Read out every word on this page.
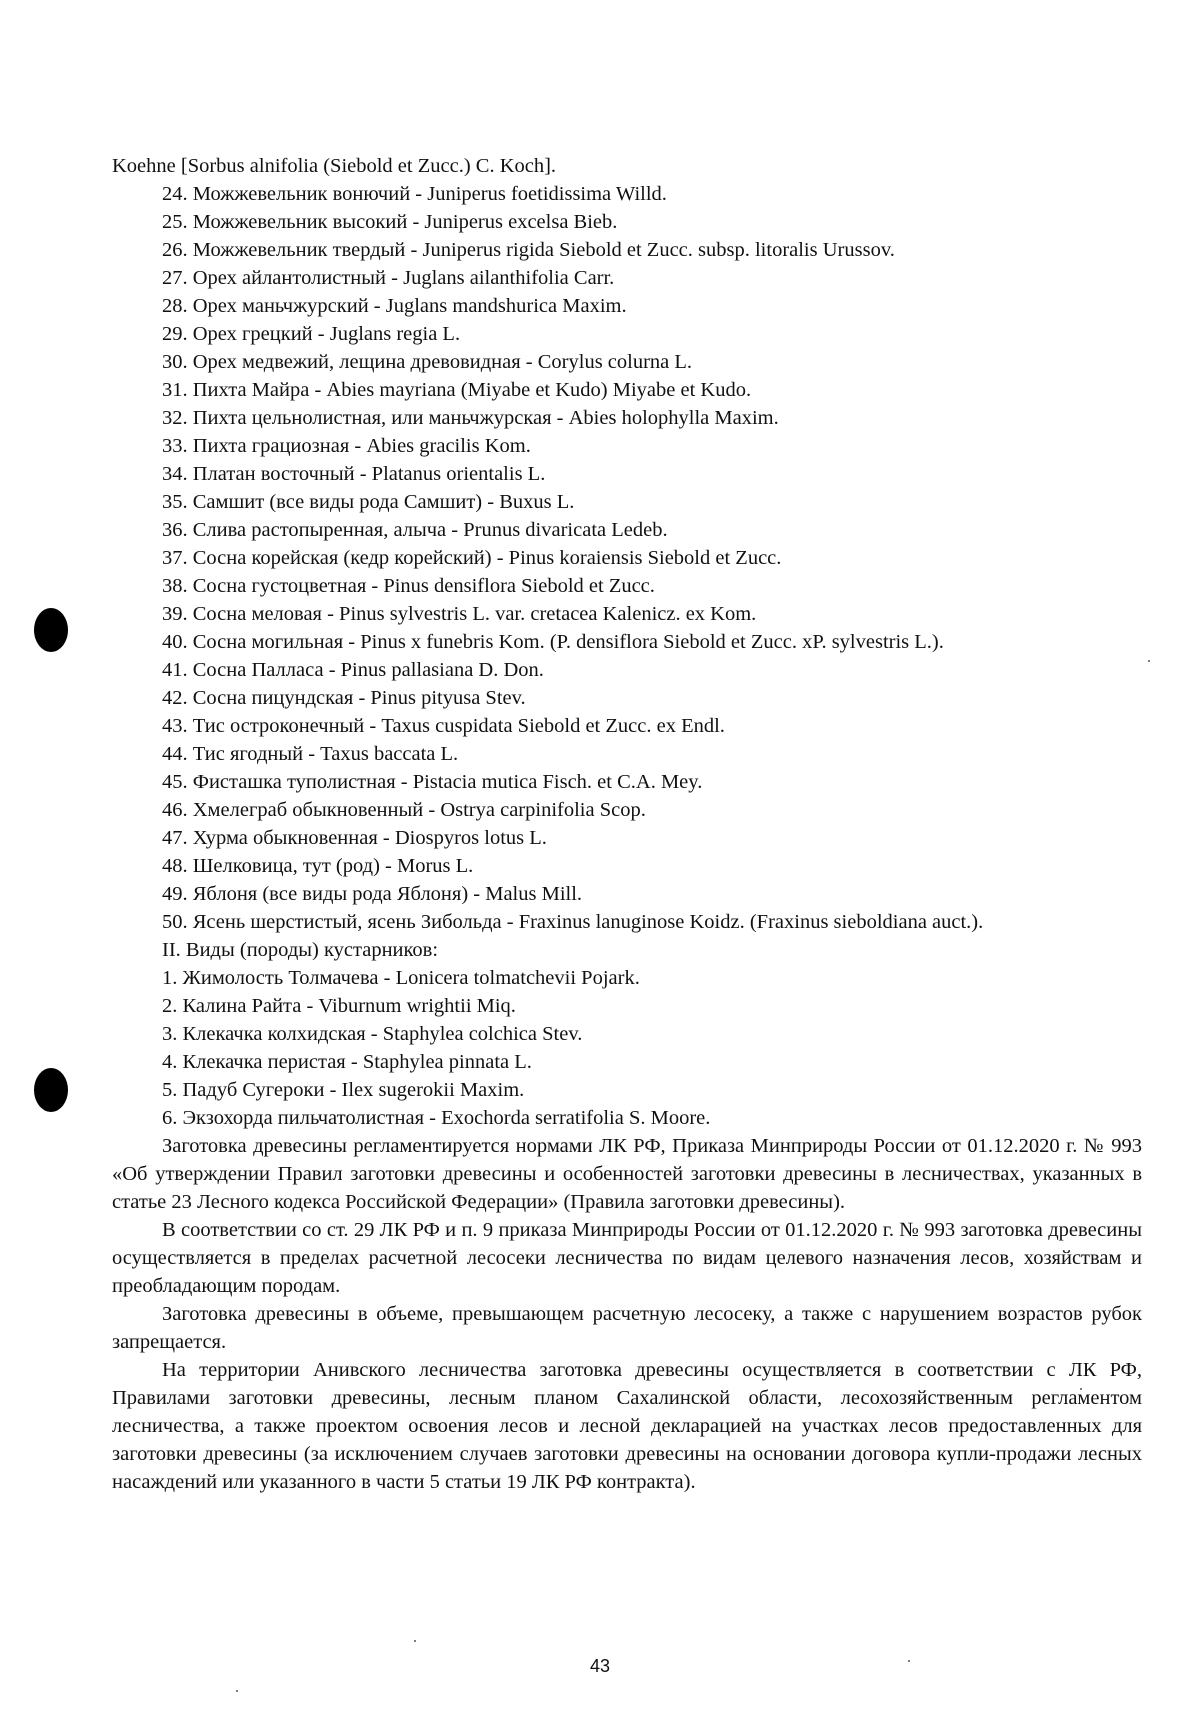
Koehne [Sorbus alnifolia (Siebold et Zucc.) C. Koch].

24. Можжевельник вонючий - Juniperus foetidissima Willd.

25. Можжевельник высокий - Juniperus excelsa Bieb.

26. Можжевельник твердый - Juniperus rigida Siebold et Zucc. subsp. litoralis Urussov.

27. Орех айлантолистный - Juglans ailanthifolia Carr.

28. Орех маньчжурский - Juglans mandshurica Maxim.

29. Орех грецкий - Juglans regia L.

30. Орех медвежий, лещина древовидная - Corylus colurna L.

31. Пихта Майра - Abies mayriana (Miyabe et Kudo) Miyabe et Kudo.

32. Пихта цельнолистная, или маньчжурская - Abies holophylla Maxim.

33. Пихта грациозная - Abies gracilis Kom.

34. Платан восточный - Platanus orientalis L.

35. Самшит (все виды рода Самшит) - Buxus L.

36. Слива растопыренная, алыча - Prunus divaricata Ledeb.

37. Сосна корейская (кедр корейский) - Pinus koraiensis Siebold et Zucc.

38. Сосна густоцветная - Pinus densiflora Siebold et Zucc.

39. Сосна меловая - Pinus sylvestris L. var. cretacea Kalenicz. ex Kom.

40. Сосна могильная - Pinus x funebris Kom. (P. densiflora Siebold et Zucc. xP. sylvestris L.).

41. Сосна Палласа - Pinus pallasiana D. Don.

42. Сосна пицундская - Pinus pityusa Stev.

43. Тис остроконечный - Taxus cuspidata Siebold et Zucc. ex Endl.

44. Тис ягодный - Taxus baccata L.

45. Фисташка туполистная - Pistacia mutica Fisch. et C.A. Mey.

46. Хмелеграб обыкновенный - Ostrya carpinifolia Scop.

47. Хурма обыкновенная - Diospyros lotus L.

48. Шелковица, тут (род) - Morus L.

49. Яблоня (все виды рода Яблоня) - Malus Mill.

50. Ясень шерстистый, ясень Зибольда - Fraxinus lanuginose Koidz. (Fraxinus sieboldiana auct.).

II. Виды (породы) кустарников:

1. Жимолость Толмачева - Lonicera tolmatchevii Pojark.

2. Калина Райта - Viburnum wrightii Miq.

3. Клекачка колхидская - Staphylea colchica Stev.

4. Клекачка перистая - Staphylea pinnata L.

5. Падуб Сугероки - Ilex sugerokii Maxim.

6. Экзохорда пильчатолистная - Exochorda serratifolia S. Moore.

Заготовка древесины регламентируется нормами ЛК РФ, Приказа Минприроды России от 01.12.2020 г. № 993 «Об утверждении Правил заготовки древесины и особенностей заготовки древесины в лесничествах, указанных в статье 23 Лесного кодекса Российской Федерации» (Правила заготовки древесины).

В соответствии со ст. 29 ЛК РФ и п. 9 приказа Минприроды России от 01.12.2020 г. № 993 заготовка древесины осуществляется в пределах расчетной лесосеки лесничества по видам целевого назначения лесов, хозяйствам и преобладающим породам.

Заготовка древесины в объеме, превышающем расчетную лесосеку, а также с нарушением возрастов рубок запрещается.

На территории Анивского лесничества заготовка древесины осуществляется в соответствии с ЛК РФ, Правилами заготовки древесины, лесным планом Сахалинской области, лесохозяйственным регламентом лесничества, а также проектом освоения лесов и лесной декларацией на участках лесов предоставленных для заготовки древесины (за исключением случаев заготовки древесины на основании договора купли-продажи лесных насаждений или указанного в части 5 статьи 19 ЛК РФ контракта).

43
